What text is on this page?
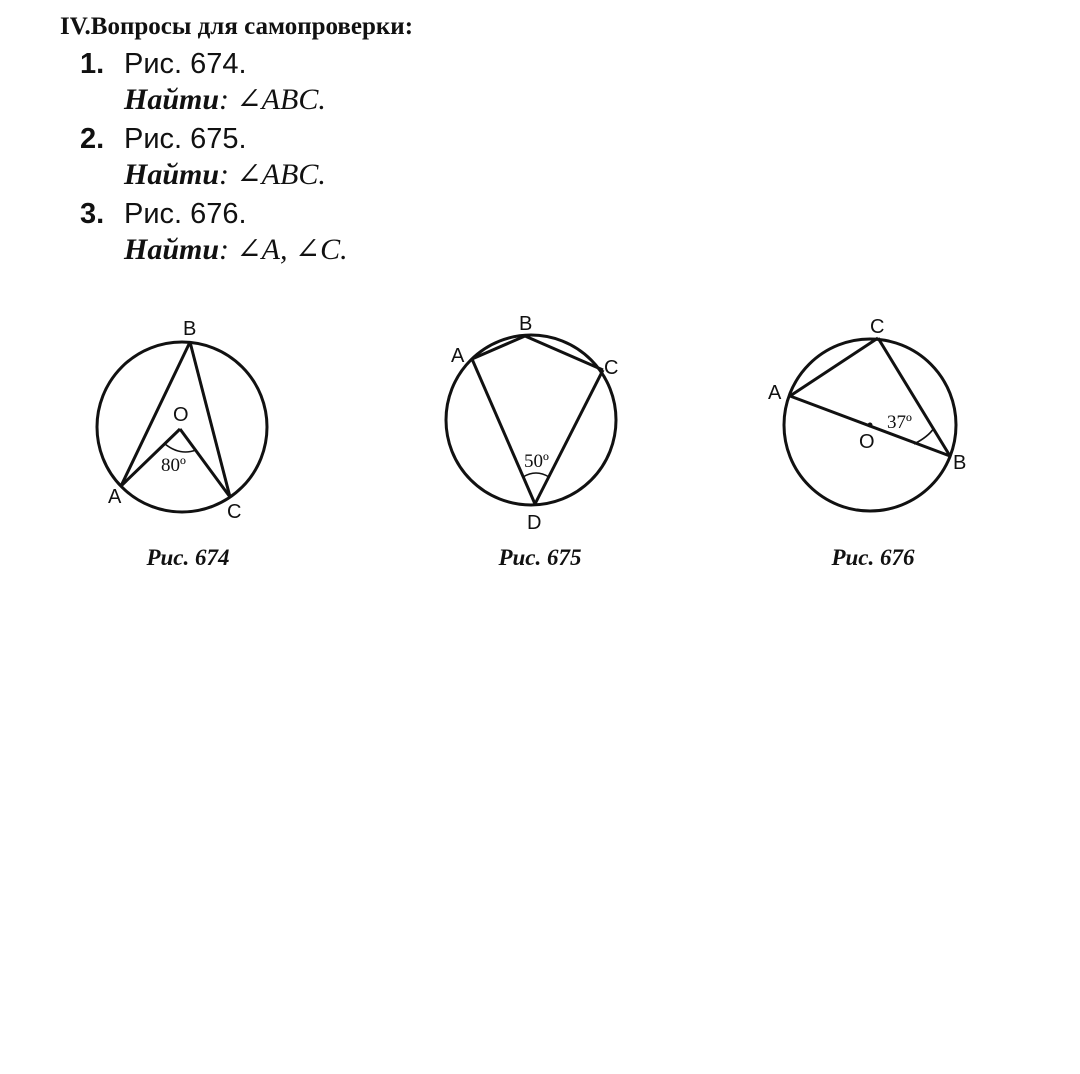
IV.Вопросы для самопроверки:
1. Рис. 674.
Найти: ∠ABC.
2. Рис. 675.
Найти: ∠ABC.
3. Рис. 676.
Найти: ∠A, ∠C.
B
O
A
C
80º
Рис. 674
B
A
C
D
50º
Рис. 675
C
A
O
B
37º
Рис. 676
